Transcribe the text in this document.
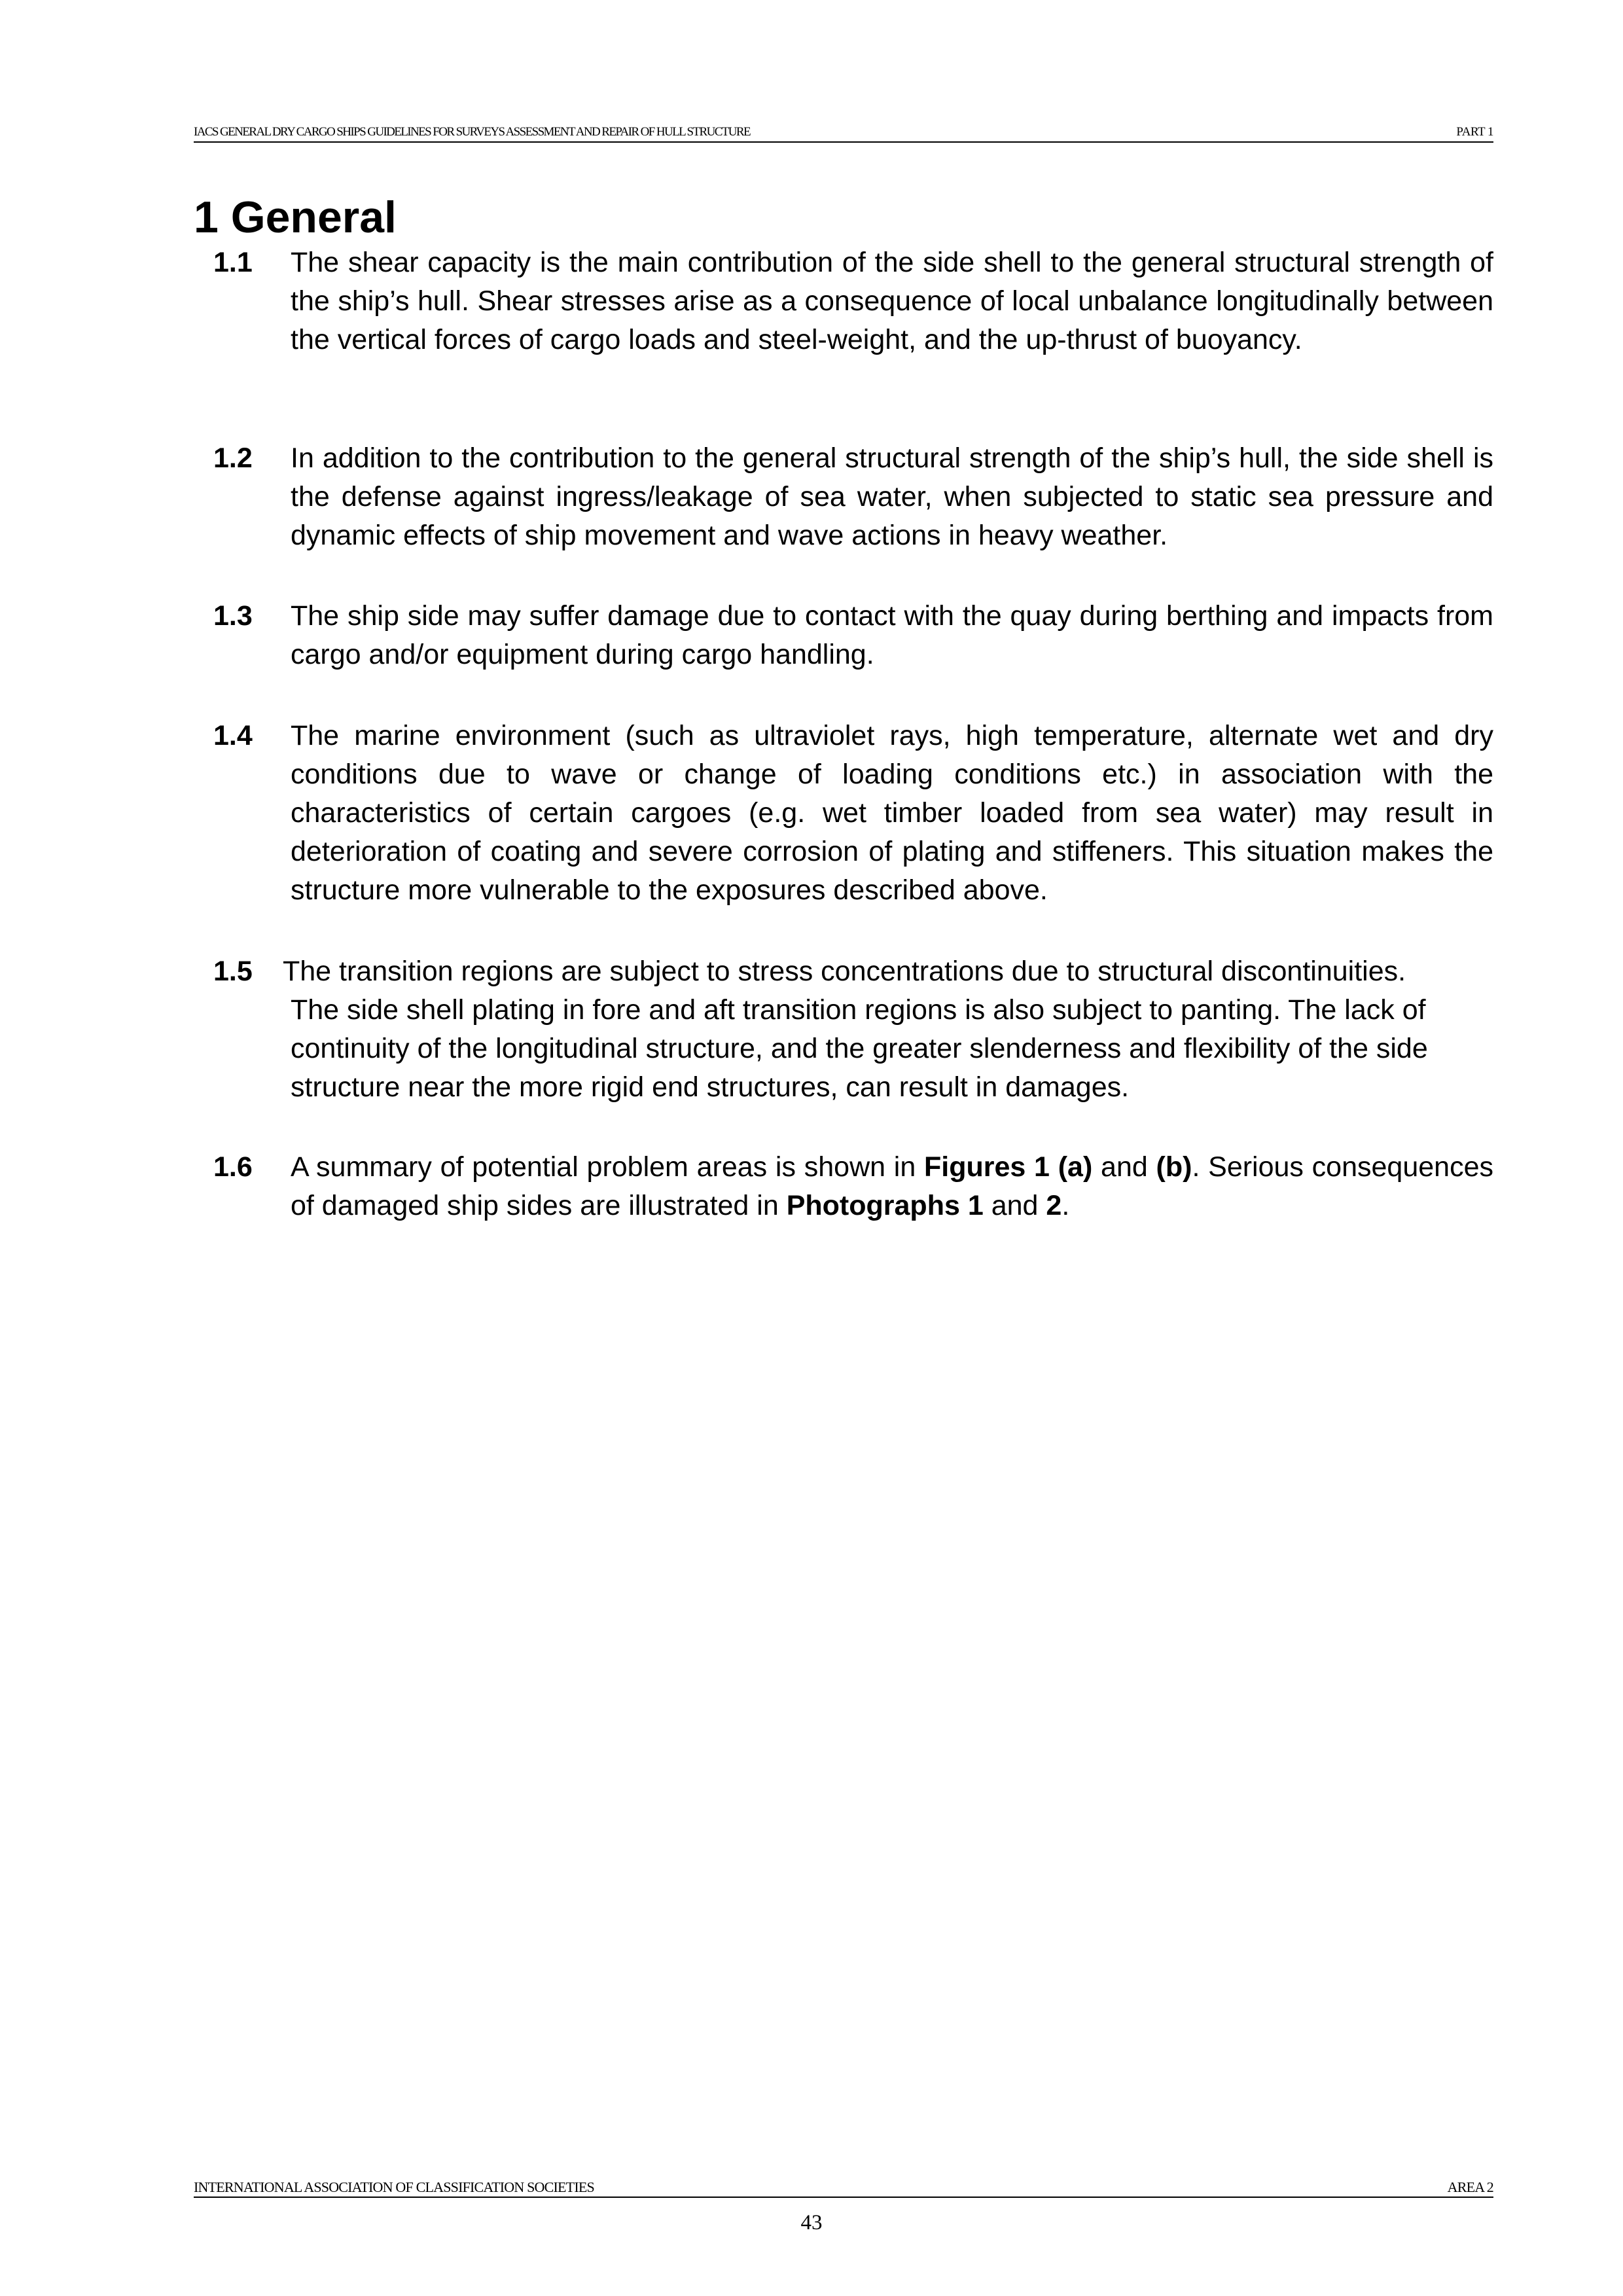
IACS GENERAL DRY CARGO SHIPS GUIDELINES FOR SURVEYS ASSESSMENT AND REPAIR OF HULL STRUCTURE	PART 1
1 General
1.1 The shear capacity is the main contribution of the side shell to the general structural strength of the ship’s hull. Shear stresses arise as a consequence of local unbalance longitudinally between the vertical forces of cargo loads and steel-weight, and the up-thrust of buoyancy.
1.2 In addition to the contribution to the general structural strength of the ship’s hull, the side shell is the defense against ingress/leakage of sea water, when subjected to static sea pressure and dynamic effects of ship movement and wave actions in heavy weather.
1.3 The ship side may suffer damage due to contact with the quay during berthing and impacts from cargo and/or equipment during cargo handling.
1.4 The marine environment (such as ultraviolet rays, high temperature, alternate wet and dry conditions due to wave or change of loading conditions etc.) in association with the characteristics of certain cargoes (e.g. wet timber loaded from sea water) may result in deterioration of coating and severe corrosion of plating and stiffeners. This situation makes the structure more vulnerable to the exposures described above.
1.5 The transition regions are subject to stress concentrations due to structural discontinuities.
The side shell plating in fore and aft transition regions is also subject to panting. The lack of continuity of the longitudinal structure, and the greater slenderness and flexibility of the side structure near the more rigid end structures, can result in damages.
1.6 A summary of potential problem areas is shown in Figures 1 (a) and (b). Serious consequences of damaged ship sides are illustrated in Photographs 1 and 2.
INTERNATIONAL ASSOCIATION OF CLASSIFICATION SOCIETIES	AREA 2
43
